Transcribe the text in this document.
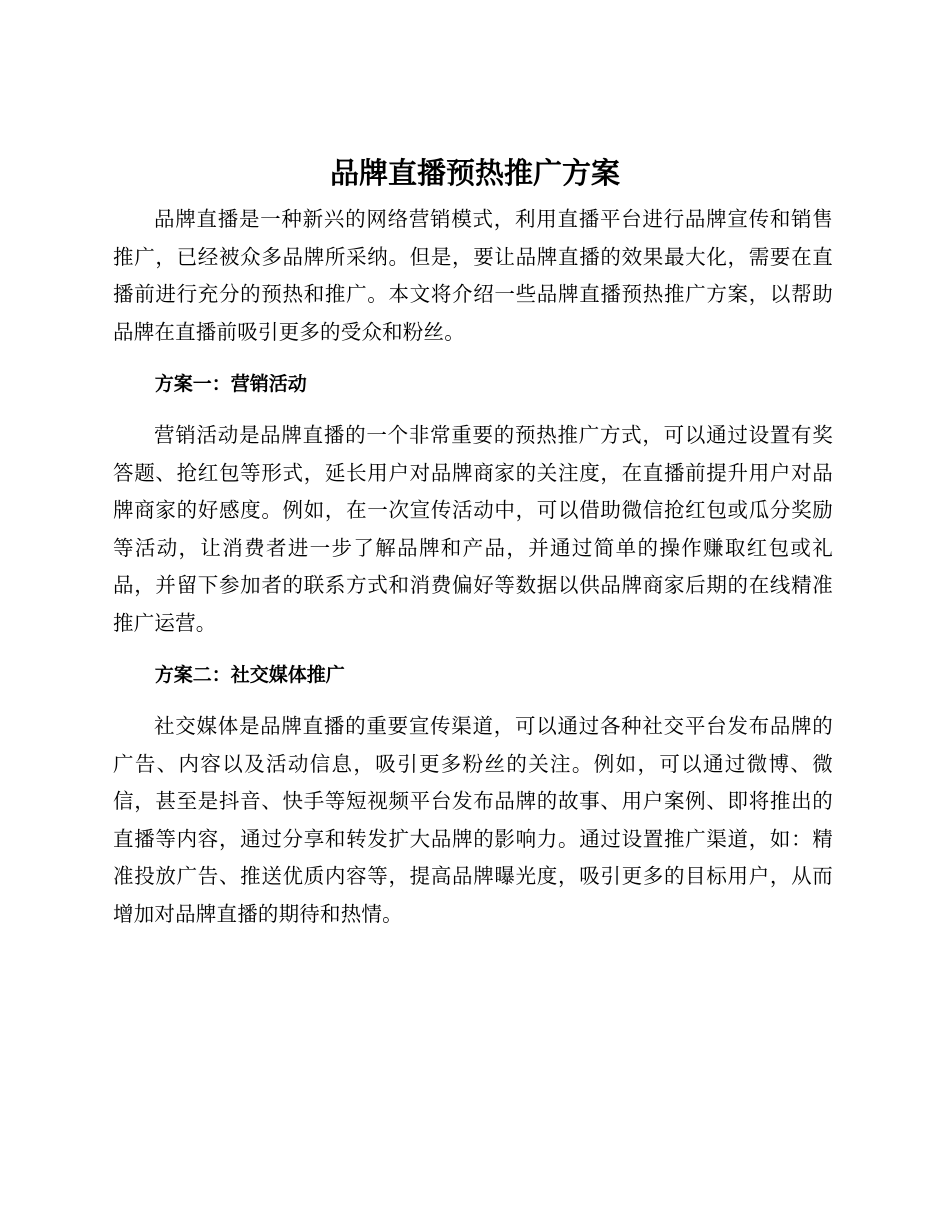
品牌直播预热推广方案

品牌直播是一种新兴的网络营销模式，利用直播平台进行品牌宣传和销售推广，已经被众多品牌所采纳。但是，要让品牌直播的效果最大化，需要在直播前进行充分的预热和推广。本文将介绍一些品牌直播预热推广方案，以帮助品牌在直播前吸引更多的受众和粉丝。

方案一：营销活动

营销活动是品牌直播的一个非常重要的预热推广方式，可以通过设置有奖答题、抢红包等形式，延长用户对品牌商家的关注度，在直播前提升用户对品牌商家的好感度。例如，在一次宣传活动中，可以借助微信抢红包或瓜分奖励等活动，让消费者进一步了解品牌和产品，并通过简单的操作赚取红包或礼品，并留下参加者的联系方式和消费偏好等数据以供品牌商家后期的在线精准推广运营。

方案二：社交媒体推广

社交媒体是品牌直播的重要宣传渠道，可以通过各种社交平台发布品牌的广告、内容以及活动信息，吸引更多粉丝的关注。例如，可以通过微博、微信，甚至是抖音、快手等短视频平台发布品牌的故事、用户案例、即将推出的直播等内容，通过分享和转发扩大品牌的影响力。通过设置推广渠道，如：精准投放广告、推送优质内容等，提高品牌曝光度，吸引更多的目标用户，从而增加对品牌直播的期待和热情。
